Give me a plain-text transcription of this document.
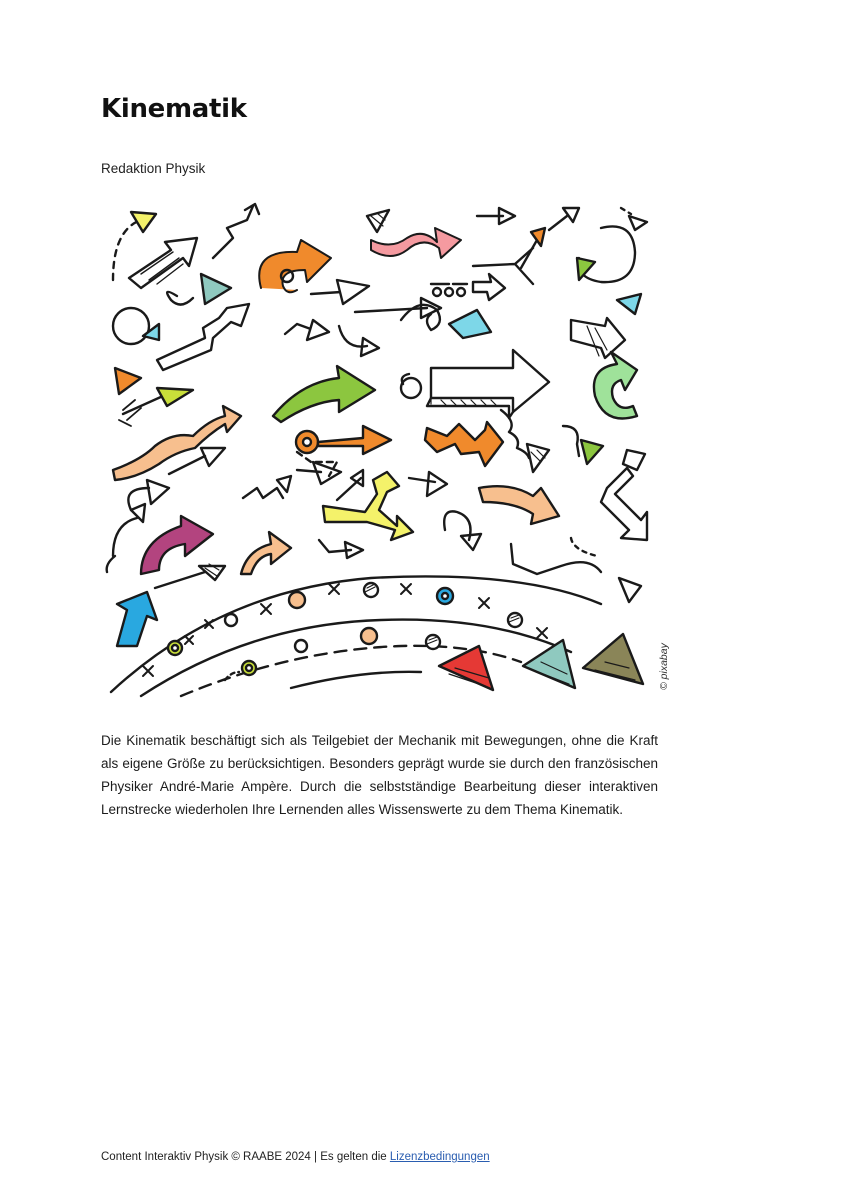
Kinematik
Redaktion Physik
© pixabay

Die Kinematik beschäftigt sich als Teilgebiet der Mechanik mit Bewegungen, ohne die Kraft als eigene Größe zu berücksichtigen. Besonders geprägt wurde sie durch den französischen Physiker André-Marie Ampère. Durch die selbstständige Bearbeitung dieser interaktiven Lernstrecke wiederholen Ihre Lernenden alles Wissenswerte zu dem Thema Kinematik.

Content Interaktiv Physik © RAABE 2024 | Es gelten die Lizenzbedingungen
